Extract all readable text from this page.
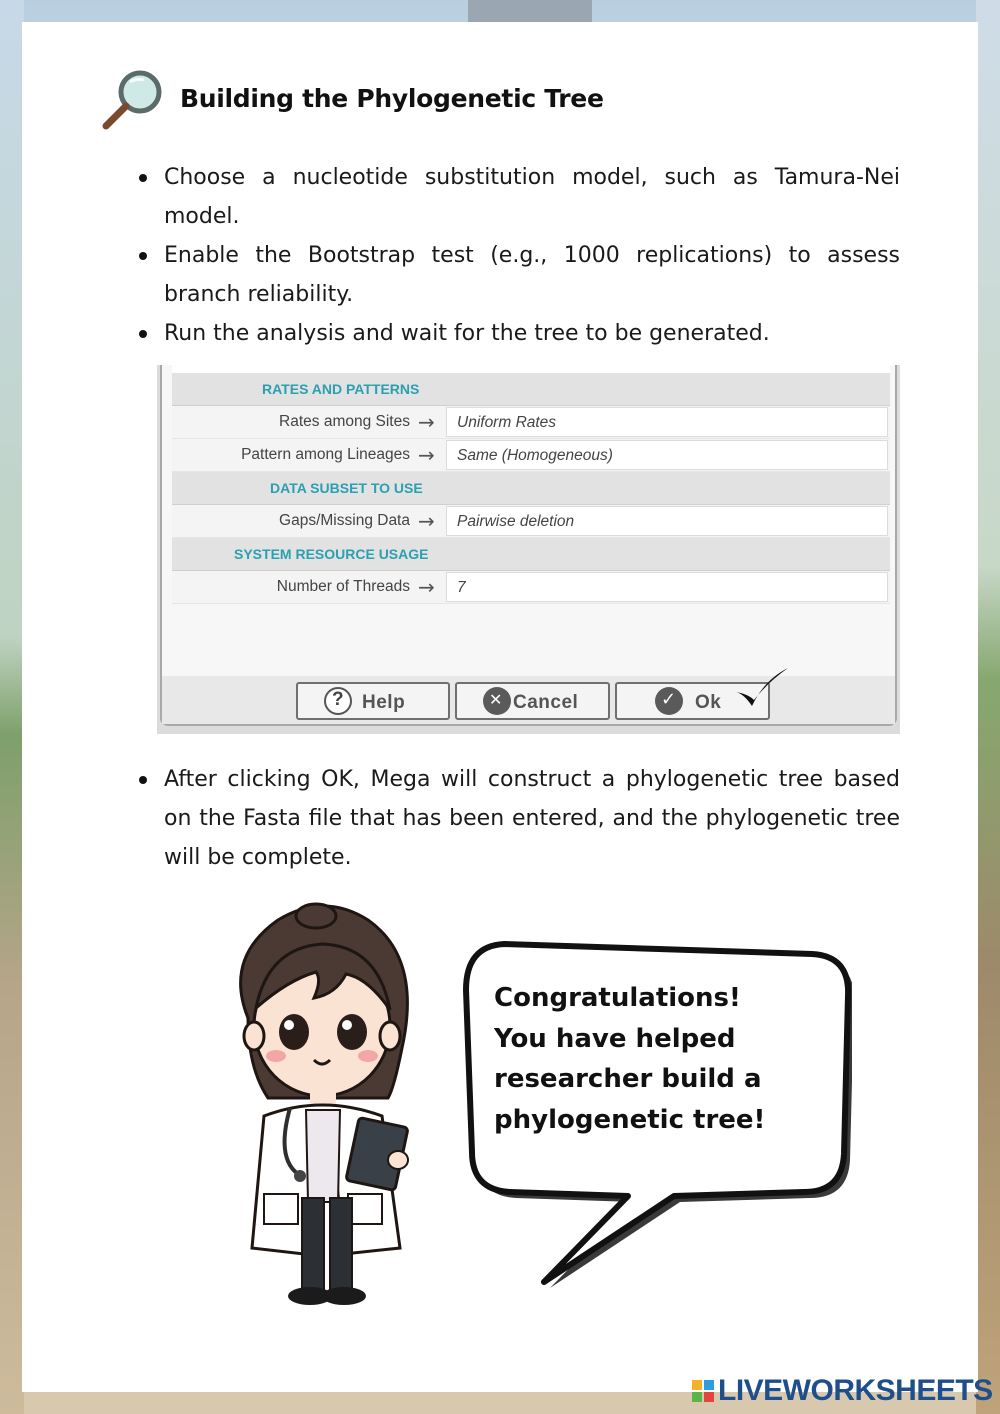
Building the Phylogenetic Tree
Choose a nucleotide substitution model, such as Tamura-Nei model.
Enable the Bootstrap test (e.g., 1000 replications) to assess branch reliability.
Run the analysis and wait for the tree to be generated.
RATES AND PATTERNS
Rates among Sites → Uniform Rates
Pattern among Lineages → Same (Homogeneous)
DATA SUBSET TO USE
Gaps/Missing Data → Pairwise deletion
SYSTEM RESOURCE USAGE
Number of Threads → 7
?
Help ✕	Cancel ✓	Ok
After clicking OK, Mega will construct a phylogenetic tree based on the Fasta file that has been entered, and the phylogenetic tree will be complete.
Congratulations!
You have helped
researcher build a
phylogenetic tree!
LIVEWORKSHEETS
